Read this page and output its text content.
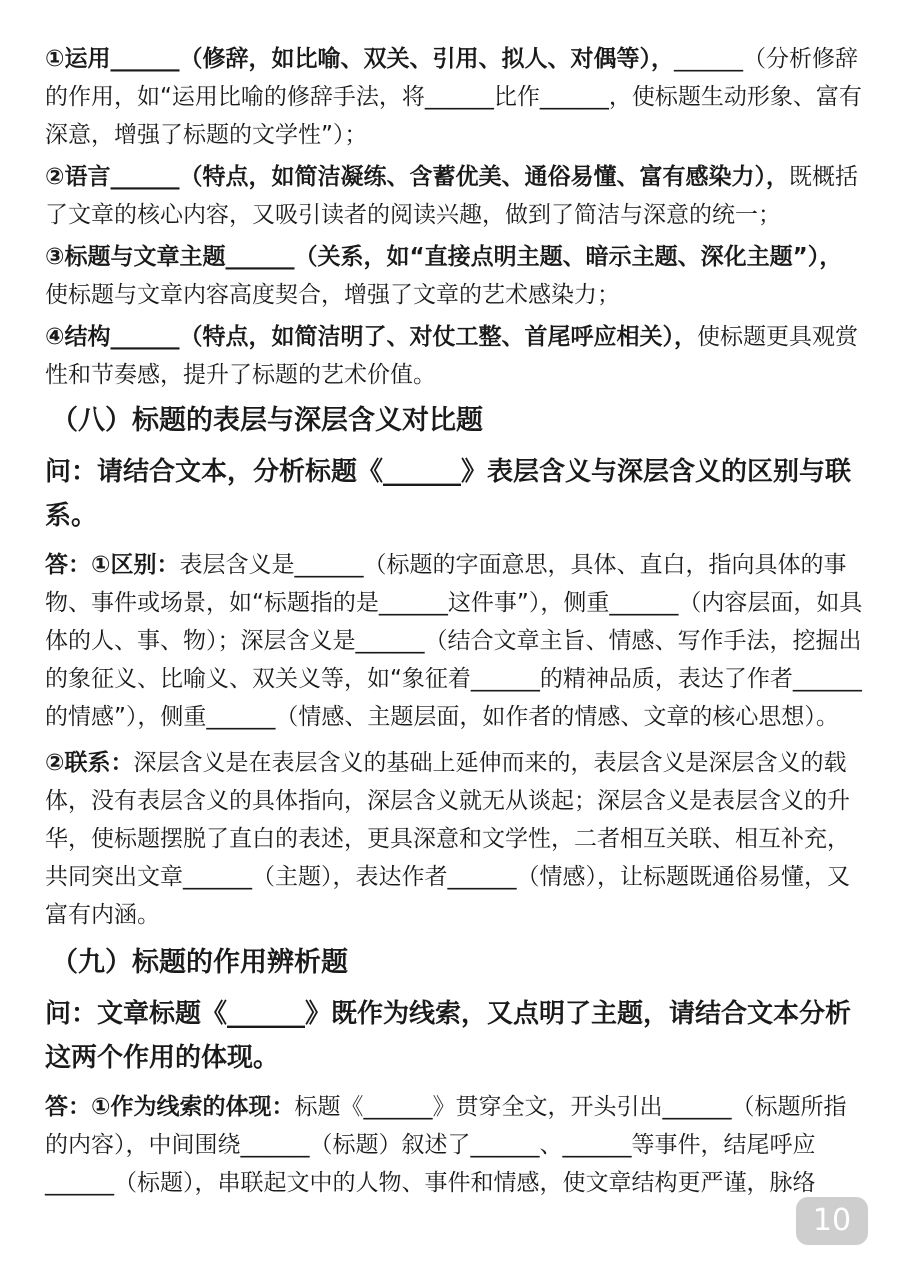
①运用______（修辞，如比喻、双关、引用、拟人、对偶等），______（分析修辞的作用，如“运用比喻的修辞手法，将______比作______，使标题生动形象、富有深意，增强了标题的文学性”）；
②语言______（特点，如简洁凝练、含蓄优美、通俗易懂、富有感染力），既概括了文章的核心内容，又吸引读者的阅读兴趣，做到了简洁与深意的统一；
③标题与文章主题______（关系，如“直接点明主题、暗示主题、深化主题”），使标题与文章内容高度契合，增强了文章的艺术感染力；
④结构______（特点，如简洁明了、对仗工整、首尾呼应相关），使标题更具观赏性和节奏感，提升了标题的艺术价值。
（八）标题的表层与深层含义对比题
问：请结合文本，分析标题《______》表层含义与深层含义的区别与联系。
答：①区别：表层含义是______（标题的字面意思，具体、直白，指向具体的事物、事件或场景，如“标题指的是______这件事”），侧重______（内容层面，如具体的人、事、物）；深层含义是______（结合文章主旨、情感、写作手法，挖掘出的象征义、比喻义、双关义等，如“象征着______的精神品质，表达了作者______的情感”），侧重______（情感、主题层面，如作者的情感、文章的核心思想）。
②联系：深层含义是在表层含义的基础上延伸而来的，表层含义是深层含义的载体，没有表层含义的具体指向，深层含义就无从谈起；深层含义是表层含义的升华，使标题摆脱了直白的表述，更具深意和文学性，二者相互关联、相互补充，共同突出文章______（主题），表达作者______（情感），让标题既通俗易懂，又富有内涵。
（九）标题的作用辨析题
问：文章标题《______》既作为线索，又点明了主题，请结合文本分析这两个作用的体现。
答：①作为线索的体现：标题《______》贯穿全文，开头引出______（标题所指的内容），中间围绕______（标题）叙述了______、______等事件，结尾呼应______（标题），串联起文中的人物、事件和情感，使文章结构更严谨，脉络
10
